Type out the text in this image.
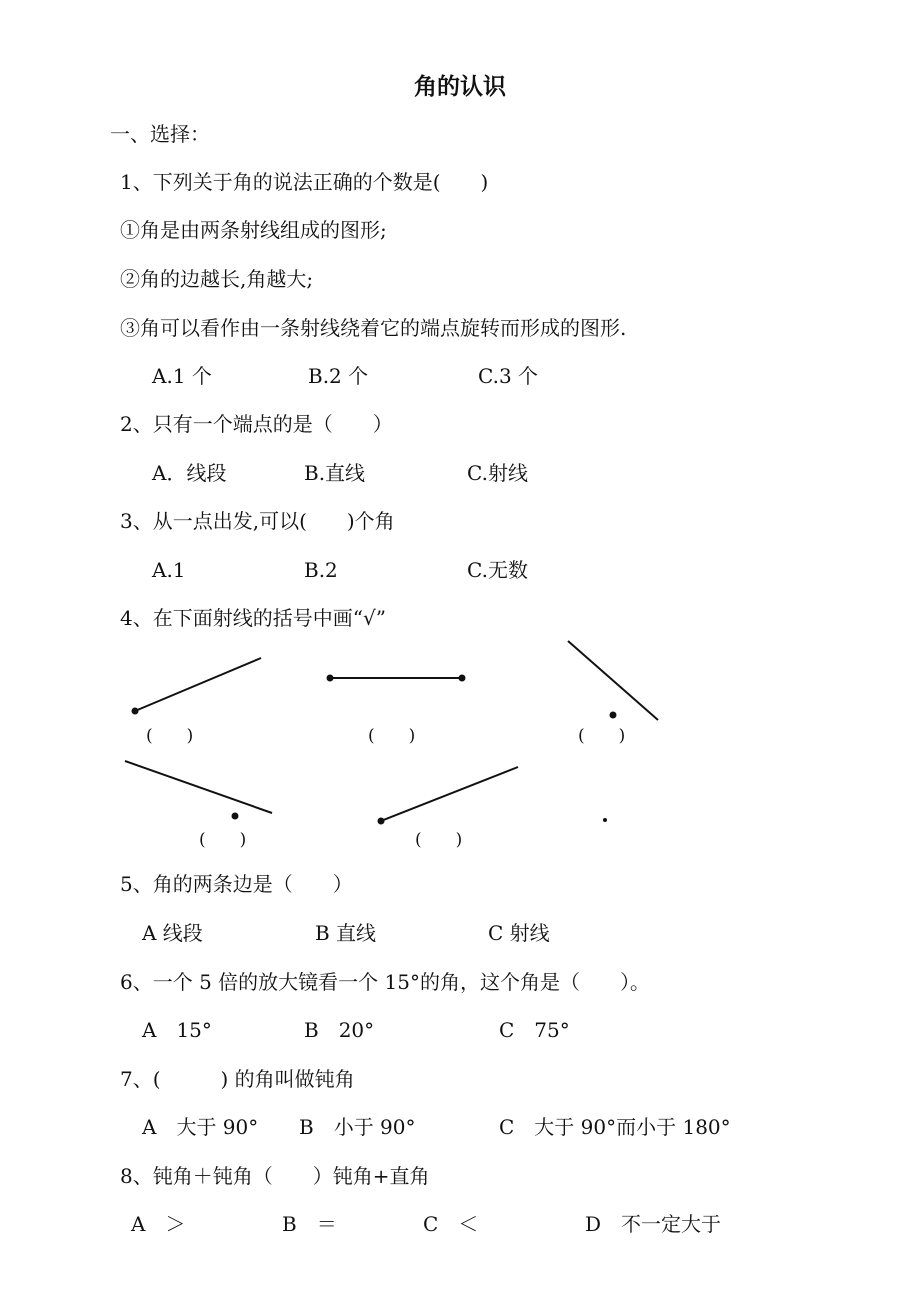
角的认识
一、选择：
1、下列关于角的说法正确的个数是(　　)
①角是由两条射线组成的图形;
②角的边越长,角越大;
③角可以看作由一条射线绕着它的端点旋转而形成的图形.
A.1 个	B.2 个	C.3 个
2、只有一个端点的是（　　）
A．线段	B.直线	C.射线
3、从一点出发,可以(　　)个角
A.1	B.2	C.无数
4、在下面射线的括号中画“√”
(　　)	(　　)	(　　)
(　　)	(　　)
5、角的两条边是（　　）
A 线段	B 直线	C 射线
6、一个 5 倍的放大镜看一个 15°的角，这个角是（　　）。
A　15°	B　20°	C　75°
7、(　　　) 的角叫做钝角
A　大于 90° B　小于 90°	C　大于 90°而小于 180°
8、钝角＋钝角（　　）钝角+直角
A　＞	B　＝	C　＜	D　不一定大于
